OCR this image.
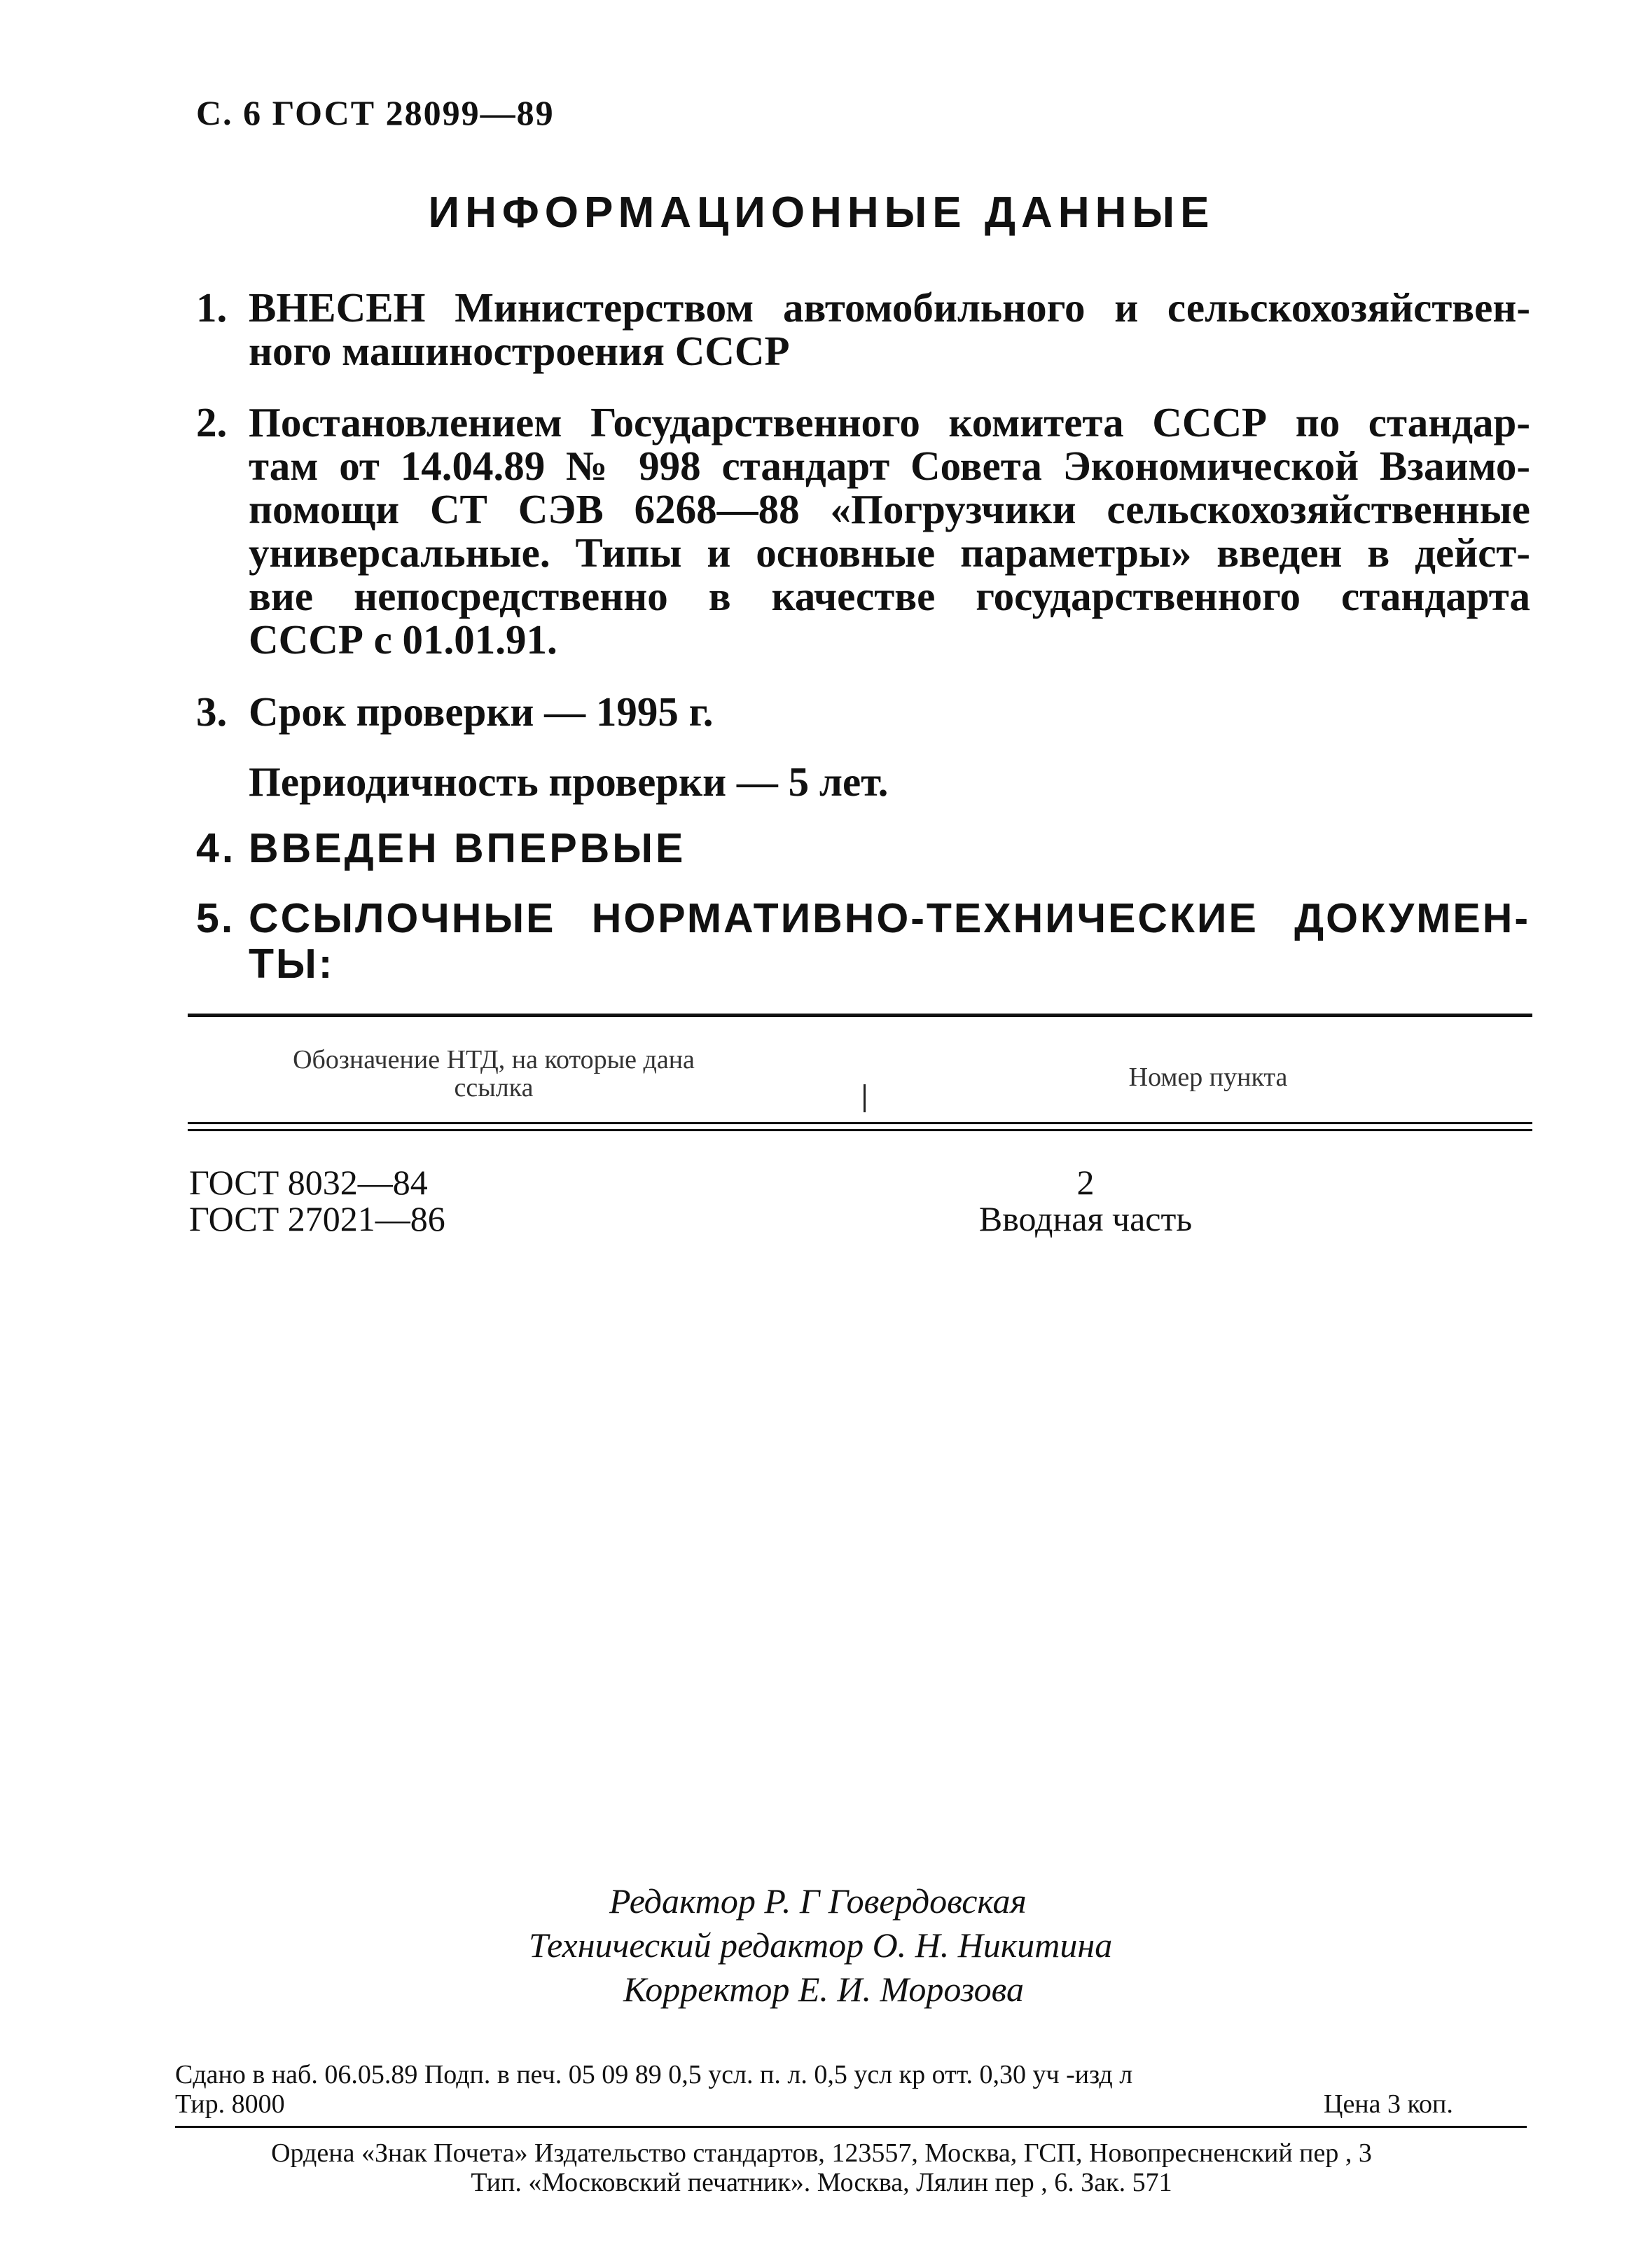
С. 6 ГОСТ 28099—89
ИНФОРМАЦИОННЫЕ ДАННЫЕ
1. ВНЕСЕН Министерством автомобильного и сельскохозяйствен-
ного машиностроения СССР
2. Постановлением Государственного комитета СССР по стандар-
там от 14.04.89 № 998 стандарт Совета Экономической Взаимо-
помощи СТ СЭВ 6268—88 «Погрузчики сельскохозяйственные
универсальные. Типы и основные параметры» введен в дейст-
вие непосредственно в качестве государственного стандарта
СССР с 01.01.91.
3. Срок проверки — 1995 г.
Периодичность проверки — 5 лет.
4. ВВЕДЕН ВПЕРВЫЕ
5. ССЫЛОЧНЫЕ НОРМАТИВНО-ТЕХНИЧЕСКИЕ ДОКУМЕН-
ТЫ:
Обозначение НТД, на которые дана ссылка	Номер пункта
ГОСТ 8032—84	2
ГОСТ 27021—86	Вводная часть
Редактор Р. Г Говердовская
Технический редактор О. Н. Никитина
Корректор Е. И. Морозова
Сдано в наб. 06.05.89 Подп. в печ. 05 09 89 0,5 усл. п. л. 0,5 усл кр отт. 0,30 уч -изд л
Тир. 8000	Цена 3 коп.
Ордена «Знак Почета» Издательство стандартов, 123557, Москва, ГСП, Новопресненский пер , 3
Тип. «Московский печатник». Москва, Лялин пер , 6. Зак. 571
